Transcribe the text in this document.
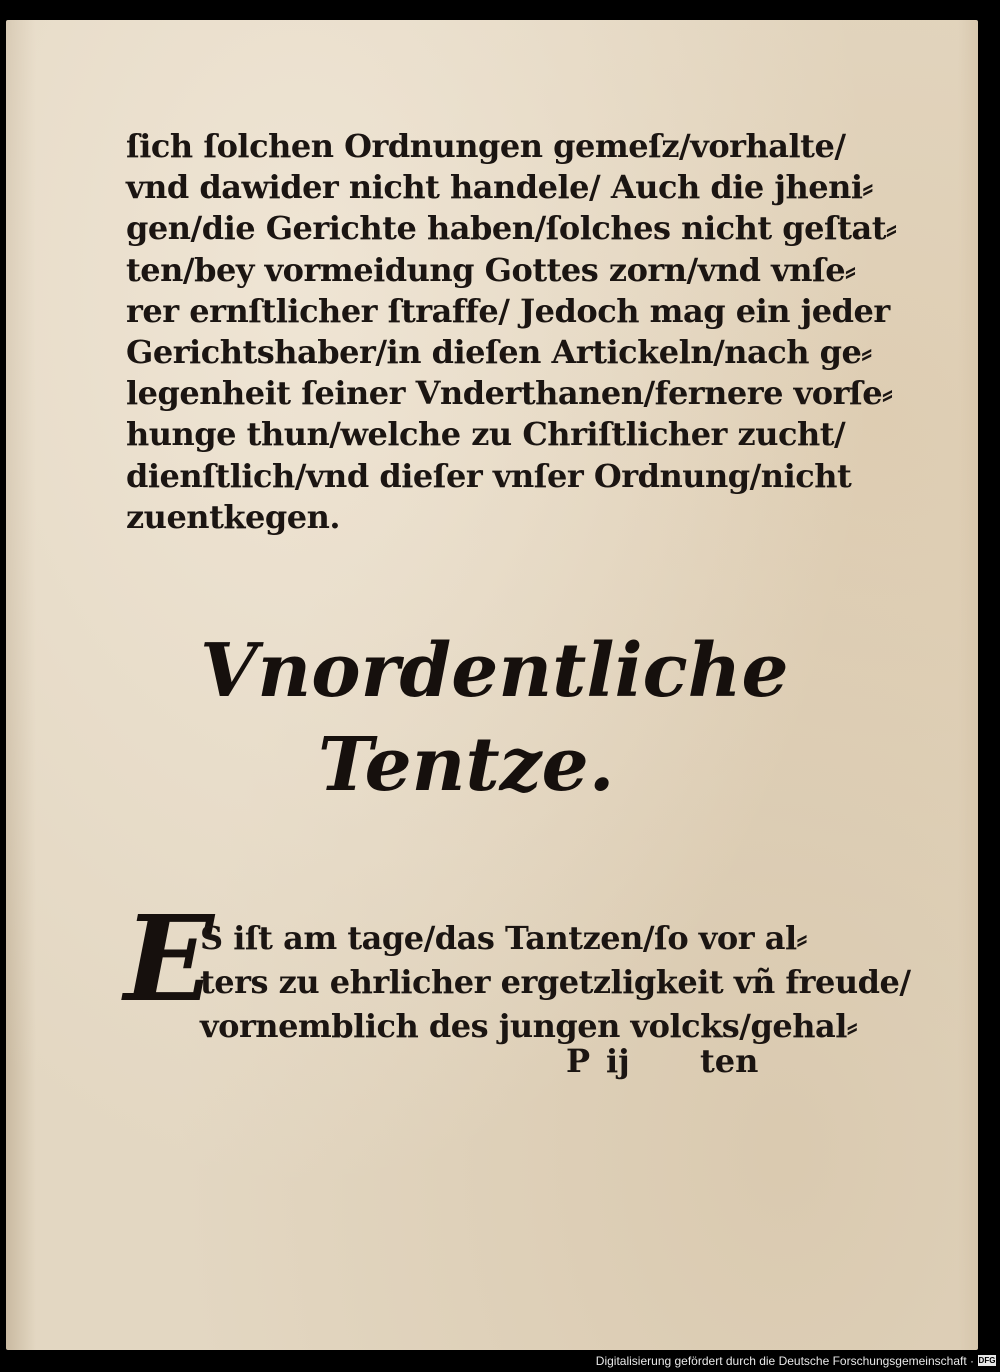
ſich ſolchen Ordnungen gemeſz/vorhalte/
vnd dawider nicht handele/ Auch die jheni⸗
gen/die Gerichte haben/ſolches nicht geſtat⸗
ten/bey vormeidung Gottes zorn/vnd vnſe⸗
rer ernſtlicher ſtraffe/ Jedoch mag ein jeder
Gerichtshaber/in dieſen Artickeln/nach ge⸗
legenheit ſeiner Vnderthanen/fernere vorſe⸗
hunge thun/welche zu Chriſtlicher zucht/
dienſtlich/vnd dieſer vnſer Ordnung/nicht
zuentkegen.
Vnordentliche
Tentze.
E
S iſt am tage/das Tantzen/ſo vor al⸗
ters zu ehrlicher ergetzligkeit vñ freude/
vornemblich des jungen volcks/gehal⸗
P ij	ten
Digitalisierung gefördert durch die Deutsche Forschungsgemeinschaft · DFG
